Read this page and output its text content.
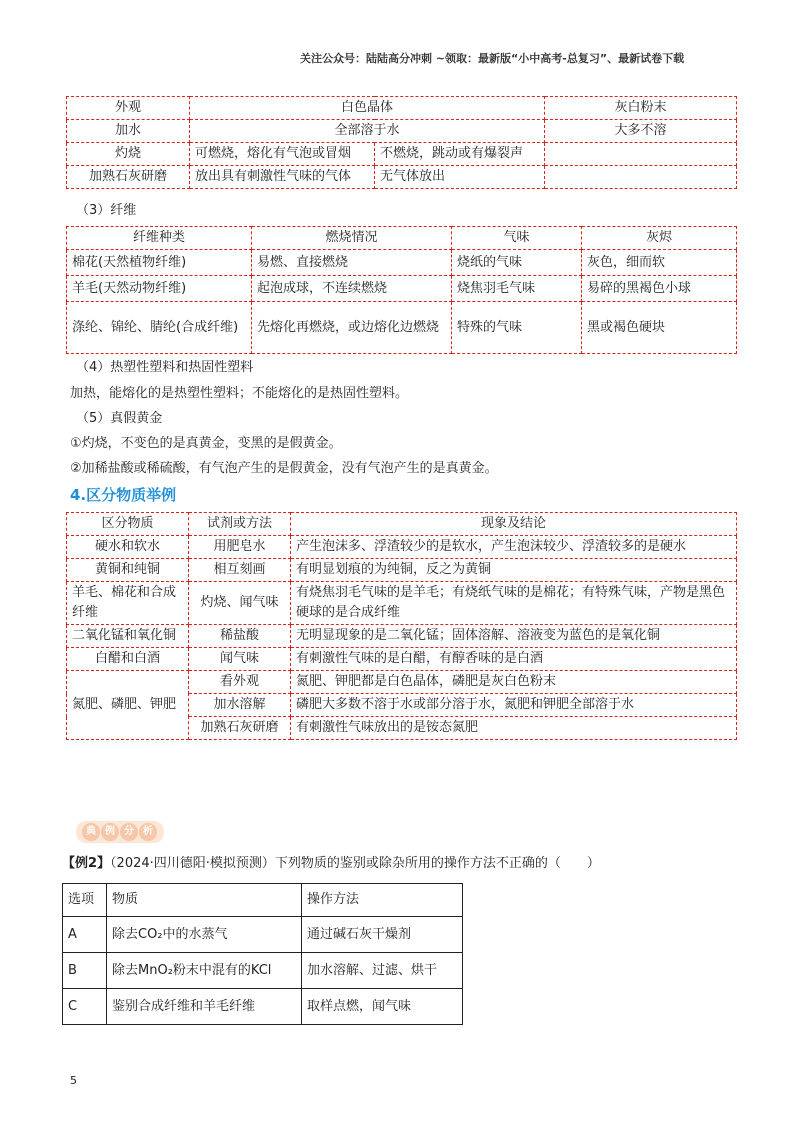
关注公众号：陆陆高分冲刺 ~领取：最新版“小中高考-总复习”、最新试卷下载
外观	白色晶体		灰白粉末
加水	全部溶于水		大多不溶
灼烧	可燃烧，熔化有气泡或冒烟	不燃烧，跳动或有爆裂声	
加熟石灰研磨	放出具有刺激性气味的气体	无气体放出	
（3）纤维
纤维种类	燃烧情况	气味	灰烬
棉花(天然植物纤维)	易燃、直接燃烧	烧纸的气味	灰色，细而软
羊毛(天然动物纤维)	起泡成球，不连续燃烧	烧焦羽毛气味	易碎的黑褐色小球
涤纶、锦纶、腈纶(合成纤维)	先熔化再燃烧，或边熔化边燃烧	特殊的气味	黑或褐色硬块
（4）热塑性塑料和热固性塑料
加热，能熔化的是热塑性塑料；不能熔化的是热固性塑料。
（5）真假黄金
①灼烧，不变色的是真黄金，变黑的是假黄金。
②加稀盐酸或稀硫酸，有气泡产生的是假黄金，没有气泡产生的是真黄金。
4.区分物质举例
区分物质	试剂或方法	现象及结论
硬水和软水	用肥皂水	产生泡沫多、浮渣较少的是软水，产生泡沫较少、浮渣较多的是硬水
黄铜和纯铜	相互刻画	有明显划痕的为纯铜，反之为黄铜
羊毛、棉花和合成纤维	灼烧、闻气味	有烧焦羽毛气味的是羊毛；有烧纸气味的是棉花；有特殊气味，产物是黑色硬球的是合成纤维
二氧化锰和氧化铜	稀盐酸	无明显现象的是二氧化锰；固体溶解、溶液变为蓝色的是氧化铜
白醋和白酒	闻气味	有刺激性气味的是白醋，有醇香味的是白酒
氮肥、磷肥、钾肥	看外观	氮肥、钾肥都是白色晶体，磷肥是灰白色粉末
	加水溶解	磷肥大多数不溶于水或部分溶于水，氮肥和钾肥全部溶于水
	加熟石灰研磨	有刺激性气味放出的是铵态氮肥
典 例 分 析
【例2】（2024·四川德阳·模拟预测）下列物质的鉴别或除杂所用的操作方法不正确的（　　）
选项	物质	操作方法
A	除去CO₂中的水蒸气	通过碱石灰干燥剂
B	除去MnO₂粉末中混有的KCl	加水溶解、过滤、烘干
C	鉴别合成纤维和羊毛纤维	取样点燃，闻气味
5
